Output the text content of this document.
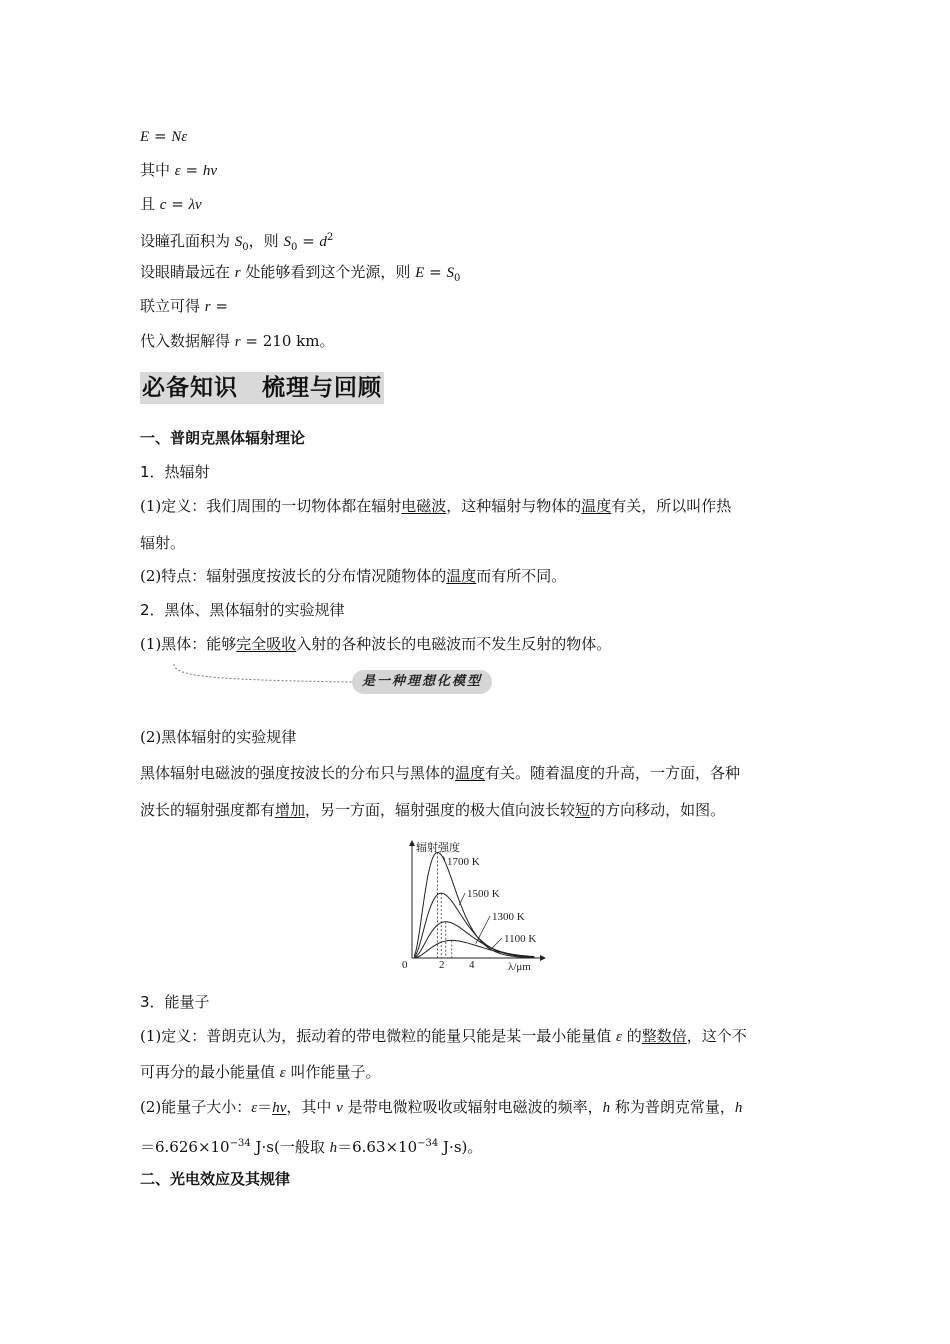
E = Nε
其中 ε = hν
且 c = λν
设瞳孔面积为 $S_0$，则 $S_0 = d^2$
设眼睛最远在 r 处能够看到这个光源，则 $E = S_0$
联立可得 r =
代入数据解得 r = 210 km。
必备知识　梳理与回顾
一、普朗克黑体辐射理论
1．热辐射
(1)定义：我们周围的一切物体都在辐射电磁波，这种辐射与物体的温度有关，所以叫作热
辐射。
(2)特点：辐射强度按波长的分布情况随物体的温度而有所不同。
2．黑体、黑体辐射的实验规律
(1)黑体：能够完全吸收入射的各种波长的电磁波而不发生反射的物体。
是一种理想化模型
(2)黑体辐射的实验规律
黑体辐射电磁波的强度按波长的分布只与黑体的温度有关。随着温度的升高，一方面，各种
波长的辐射强度都有增加，另一方面，辐射强度的极大值向波长较短的方向移动，如图。
辐射强度
λ/μm
0	2 4
1700 K
1500 K
1300 K
1100 K
3．能量子
(1)定义：普朗克认为，振动着的带电微粒的能量只能是某一最小能量值 ε 的整数倍，这个不
可再分的最小能量值 ε 叫作能量子。
(2)能量子大小：ε＝hν，其中 ν 是带电微粒吸收或辐射电磁波的频率，h 称为普朗克常量，h
$=6.626\times 10^{-34}$ J·s(一般取 $h=6.63\times 10^{-34}$ J·s)。
二、光电效应及其规律
